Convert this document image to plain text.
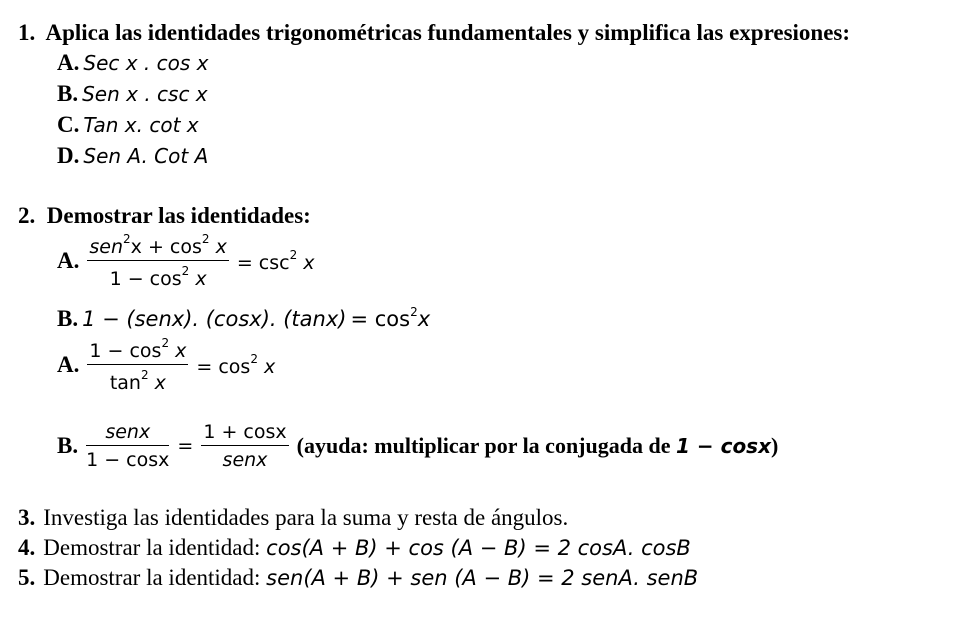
1. Aplica las identidades trigonométricas fundamentales y simplifica las expresiones:
A. Sec x . cos x
B. Sen x . csc x
C. Tan x. cot x
D. Sen A. Cot A
2. Demostrar las identidades:
A. $\frac{sen^2x + \cos^2 x}{1 - \cos^2 x} = \csc^2 x$
B. 1 − (senx). (cosx). $(\tan x) = \cos^2x$
A. $\frac{1 - \cos^2 x}{\tan^2 x} = \cos^2 x$
B. $\frac{\text{senx}}{1 - \cos x} = \frac{1 + \cos x}{\text{senx}}$ (ayuda: multiplicar por la conjugada de 1 − cosx)
3. Investiga las identidades para la suma y resta de ángulos.
4. Demostrar la identidad: cos(A + B) + cos (A − B) = 2 cosA. cosB
5. Demostrar la identidad: sen(A + B) + sen (A − B) = 2 senA. senB
